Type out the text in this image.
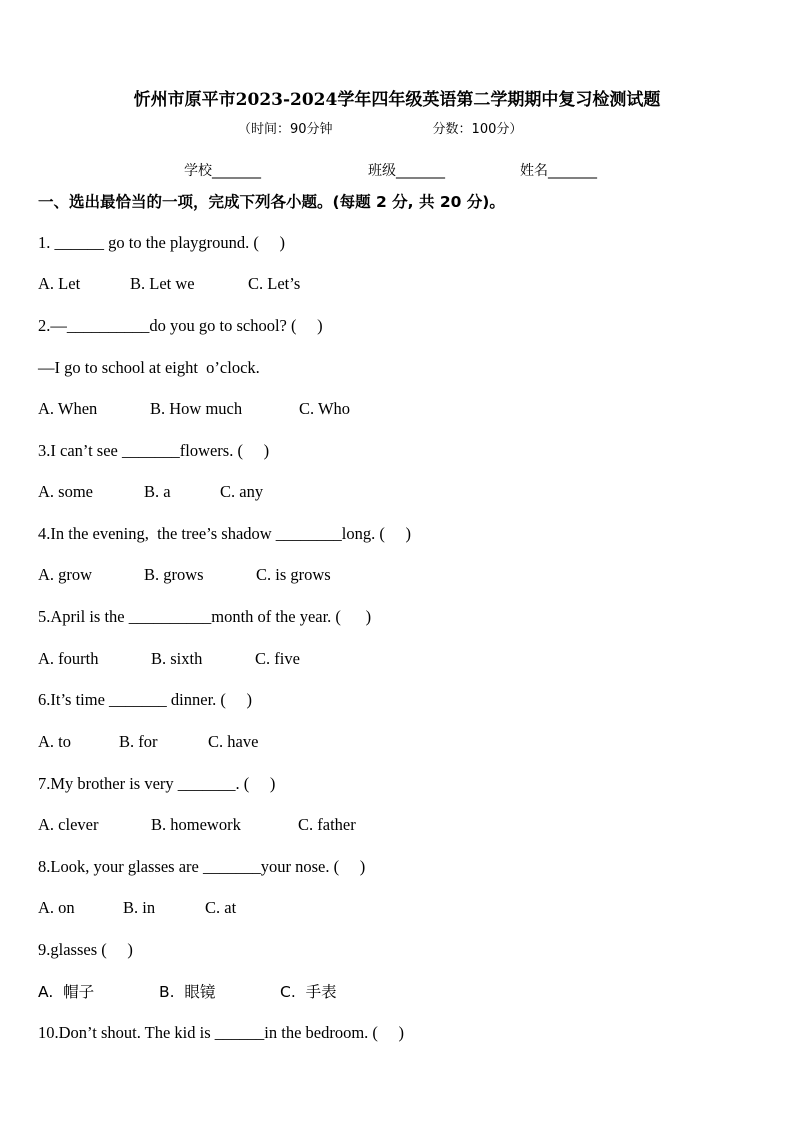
忻州市原平市2023-2024学年四年级英语第二学期期中复习检测试题
（时间：90分钟	分数：100分）
学校_______	班级_______	姓名_______
一、选出最恰当的一项，完成下列各小题。(每题 2 分, 共 20 分)。
1. ______ go to the playground. (     )
A. Let	B. Let we	C. Let’s
2.—__________do you go to school? (     )
—I go to school at eight  o’clock.
A. When	B. How much	C. Who
3.I can’t see _______flowers. (     )
A. some	B. a	C. any
4.In the evening,  the tree’s shadow ________long. (     )
A. grow	B. grows	C. is grows
5.April is the __________month of the year. (      )
A. fourth	B. sixth	C. five
6.It’s time _______ dinner. (     )
A. to	B. for	C. have
7.My brother is very _______. (     )
A. clever	B. homework	C. father
8.Look, your glasses are _______your nose. (     )
A. on	B. in	C. at
9.glasses (     )
A.  帽子	B.  眼镜	C.  手表
10.Don’t shout. The kid is ______in the bedroom. (     )
